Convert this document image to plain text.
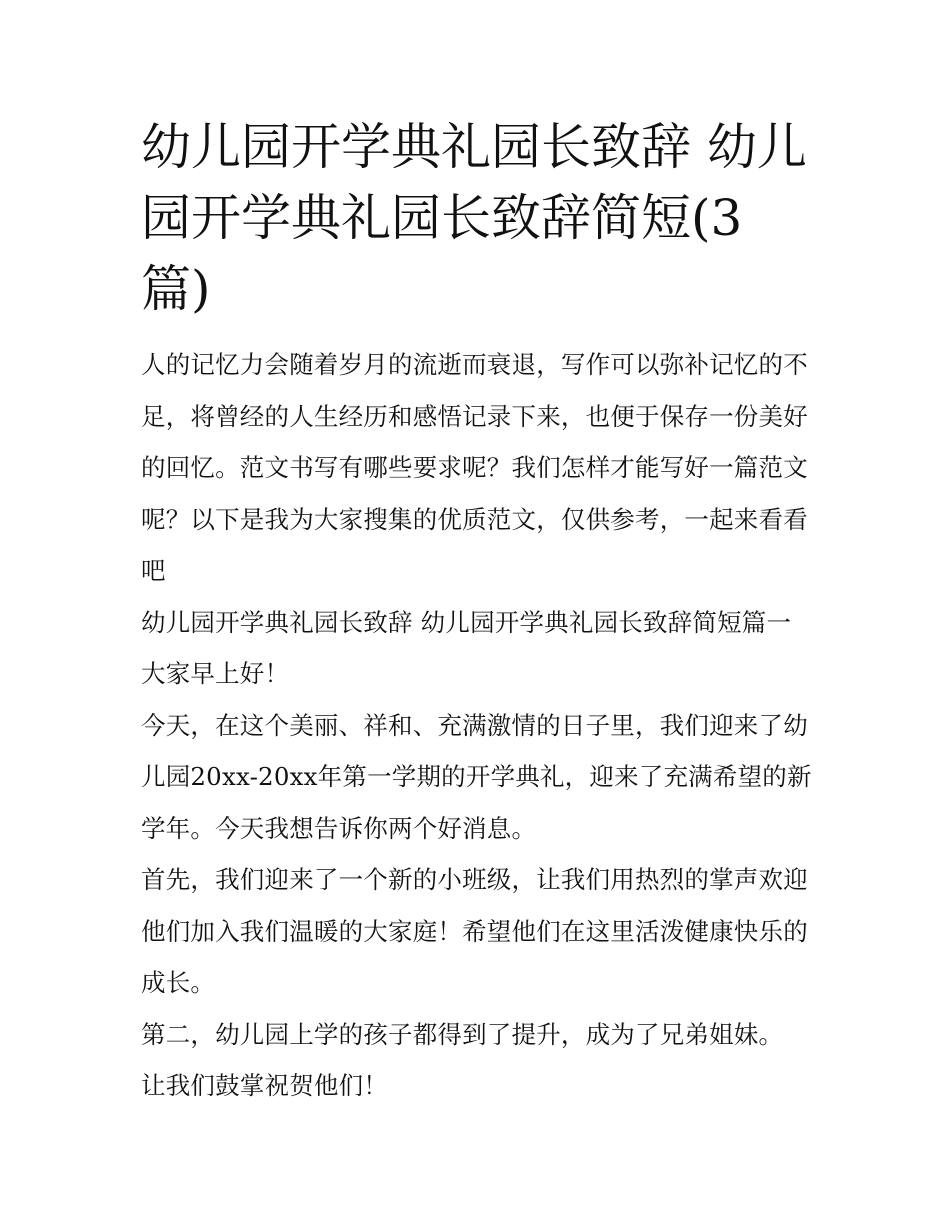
幼儿园开学典礼园长致辞 幼儿
园开学典礼园长致辞简短(3
篇)

人的记忆力会随着岁月的流逝而衰退，写作可以弥补记忆的不
足，将曾经的人生经历和感悟记录下来，也便于保存一份美好
的回忆。范文书写有哪些要求呢？我们怎样才能写好一篇范文
呢？以下是我为大家搜集的优质范文，仅供参考，一起来看看
吧

幼儿园开学典礼园长致辞 幼儿园开学典礼园长致辞简短篇一

大家早上好！

今天，在这个美丽、祥和、充满激情的日子里，我们迎来了幼
儿园20xx-20xx年第一学期的开学典礼，迎来了充满希望的新
学年。今天我想告诉你两个好消息。

首先，我们迎来了一个新的小班级，让我们用热烈的掌声欢迎
他们加入我们温暖的大家庭！希望他们在这里活泼健康快乐的
成长。

第二，幼儿园上学的孩子都得到了提升，成为了兄弟姐妹。

让我们鼓掌祝贺他们！
